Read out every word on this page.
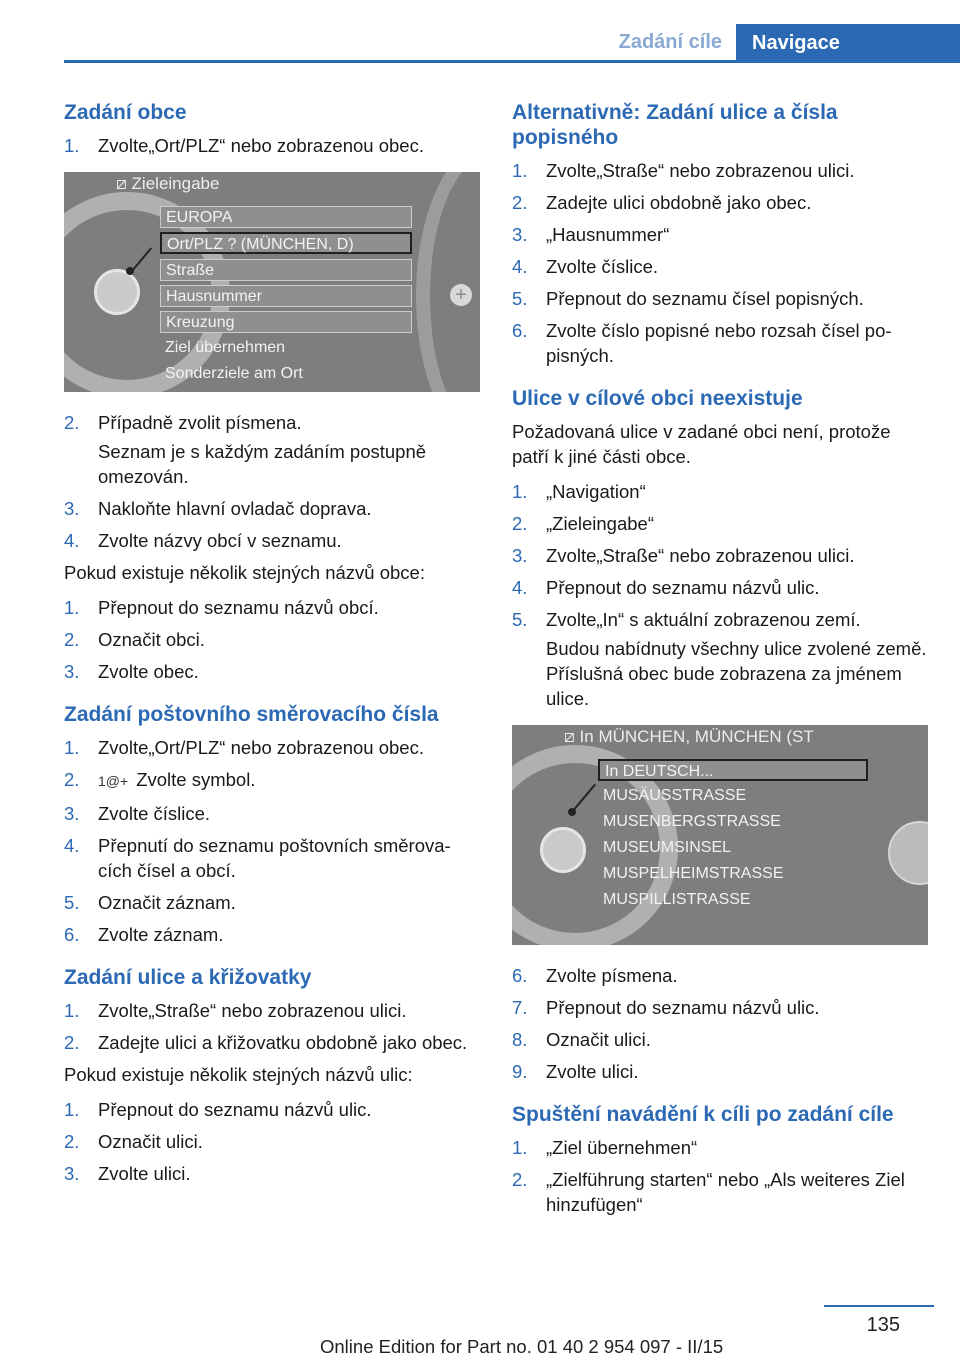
Zadání cíle	Navigace
Zadání obce
1. Zvolte„Ort/PLZ“ nebo zobrazenou obec.
+
⧄ Zieleingabe
EUROPA
Ort/PLZ ? (MÜNCHEN, D)
Straße
Hausnummer
Kreuzung
Ziel übernehmen
Sonderziele am Ort
2. Případně zvolit písmena.
Seznam je s každým zadáním postupně omezován.
3. Nakloňte hlavní ovladač doprava.
4. Zvolte názvy obcí v seznamu.

Pokud existuje několik stejných názvů obce:

1. Přepnout do seznamu názvů obcí.
2. Označit obci.
3. Zvolte obec.
Zadání poštovního směrovacího čísla
1. Zvolte„Ort/PLZ“ nebo zobrazenou obec.
2. 1@+ Zvolte symbol.
3. Zvolte číslice.
4. Přepnutí do seznamu poštovních směrova‐cích čísel a obcí.
5. Označit záznam.
6. Zvolte záznam.
Zadání ulice a křižovatky
1. Zvolte„Straße“ nebo zobrazenou ulici.
2. Zadejte ulici a křižovatku obdobně jako obec.

Pokud existuje několik stejných názvů ulic:

1. Přepnout do seznamu názvů ulic.
2. Označit ulici.
3. Zvolte ulici.
Alternativně: Zadání ulice a čísla popisného
1. Zvolte„Straße“ nebo zobrazenou ulici.
2. Zadejte ulici obdobně jako obec.
3. „Hausnummer“
4. Zvolte číslice.
5. Přepnout do seznamu čísel popisných.
6. Zvolte číslo popisné nebo rozsah čísel po‐pisných.
Ulice v cílové obci neexistuje

Požadovaná ulice v zadané obci není, protože patří k jiné části obce.

1. „Navigation“
2. „Zieleingabe“
3. Zvolte„Straße“ nebo zobrazenou ulici.
4. Přepnout do seznamu názvů ulic.
5. Zvolte„In“ s aktuální zobrazenou zemí.
Budou nabídnuty všechny ulice zvolené země. Příslušná obec bude zobrazena za jménem ulice.
⧄ In MÜNCHEN, MÜNCHEN (ST
In DEUTSCH...
MUSÄUSSTRASSE
MUSENBERGSTRASSE
MUSEUMSINSEL
MUSPELHEIMSTRASSE
MUSPILLISTRASSE
6. Zvolte písmena.
7. Přepnout do seznamu názvů ulic.
8. Označit ulici.
9. Zvolte ulici.
Spuštění navádění k cíli po zadání cíle
1. „Ziel übernehmen“
2. „Zielführung starten“ nebo „Als weiteres Ziel hinzufügen“
135
Online Edition for Part no. 01 40 2 954 097 - II/15
